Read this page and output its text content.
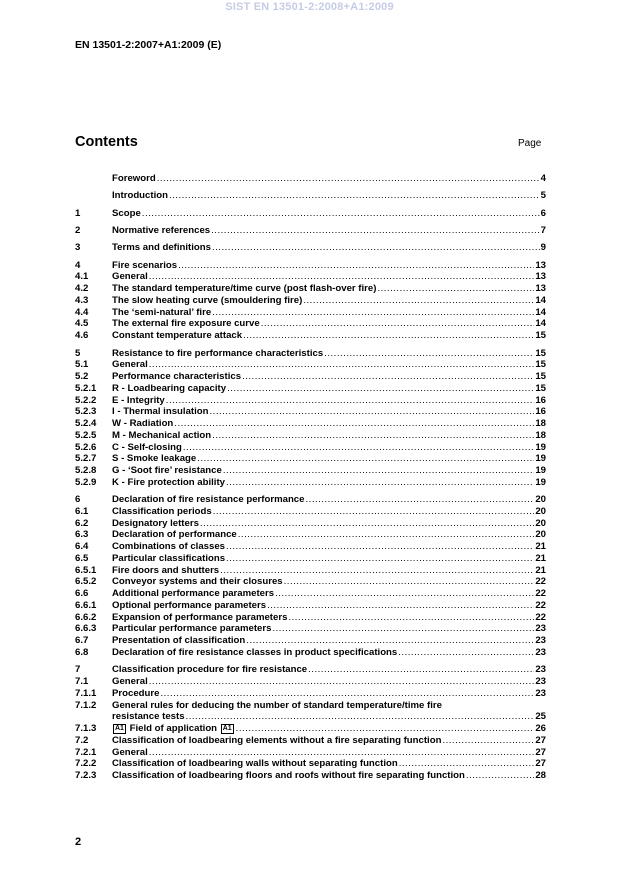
SIST EN 13501-2:2008+A1:2009
EN 13501-2:2007+A1:2009 (E)
Contents	Page
Foreword .....	4
Introduction .....	5
1	Scope .....	6
2	Normative references .....	7
3	Terms and definitions .....	9
4	Fire scenarios .....	13
4.1	General .....	13
4.2	The standard temperature/time curve (post flash-over fire) .....	13
4.3	The slow heating curve (smouldering fire) .....	14
4.4	The ‘semi-natural’ fire .....	14
4.5	The external fire exposure curve .....	14
4.6	Constant temperature attack .....	15
5	Resistance to fire performance characteristics .....	15
5.1	General .....	15
5.2	Performance characteristics .....	15
5.2.1	R - Loadbearing capacity .....	15
5.2.2	E - Integrity .....	16
5.2.3	I - Thermal insulation .....	16
5.2.4	W - Radiation .....	18
5.2.5	M - Mechanical action .....	18
5.2.6	C - Self-closing .....	19
5.2.7	S - Smoke leakage .....	19
5.2.8	G - ‘Soot fire’ resistance .....	19
5.2.9	K - Fire protection ability .....	19
6	Declaration of fire resistance performance .....	20
6.1	Classification periods .....	20
6.2	Designatory letters .....	20
6.3	Declaration of performance .....	20
6.4	Combinations of classes .....	21
6.5	Particular classifications .....	21
6.5.1	Fire doors and shutters .....	21
6.5.2	Conveyor systems and their closures .....	22
6.6	Additional performance parameters .....	22
6.6.1	Optional performance parameters .....	22
6.6.2	Expansion of performance parameters .....	22
6.6.3	Particular performance parameters .....	23
6.7	Presentation of classification .....	23
6.8	Declaration of fire resistance classes in product specifications .....	23
7	Classification procedure for fire resistance .....	23
7.1	General .....	23
7.1.1	Procedure .....	23
7.1.2	General rules for deducing the number of standard temperature/time fire
resistance tests .....	25
7.1.3	A1 Field of application A1 .....	26
7.2	Classification of loadbearing elements without a fire separating function .....	27
7.2.1	General .....	27
7.2.2	Classification of loadbearing walls without separating function .....	27
7.2.3	Classification of loadbearing floors and roofs without fire separating function .....	28
2
